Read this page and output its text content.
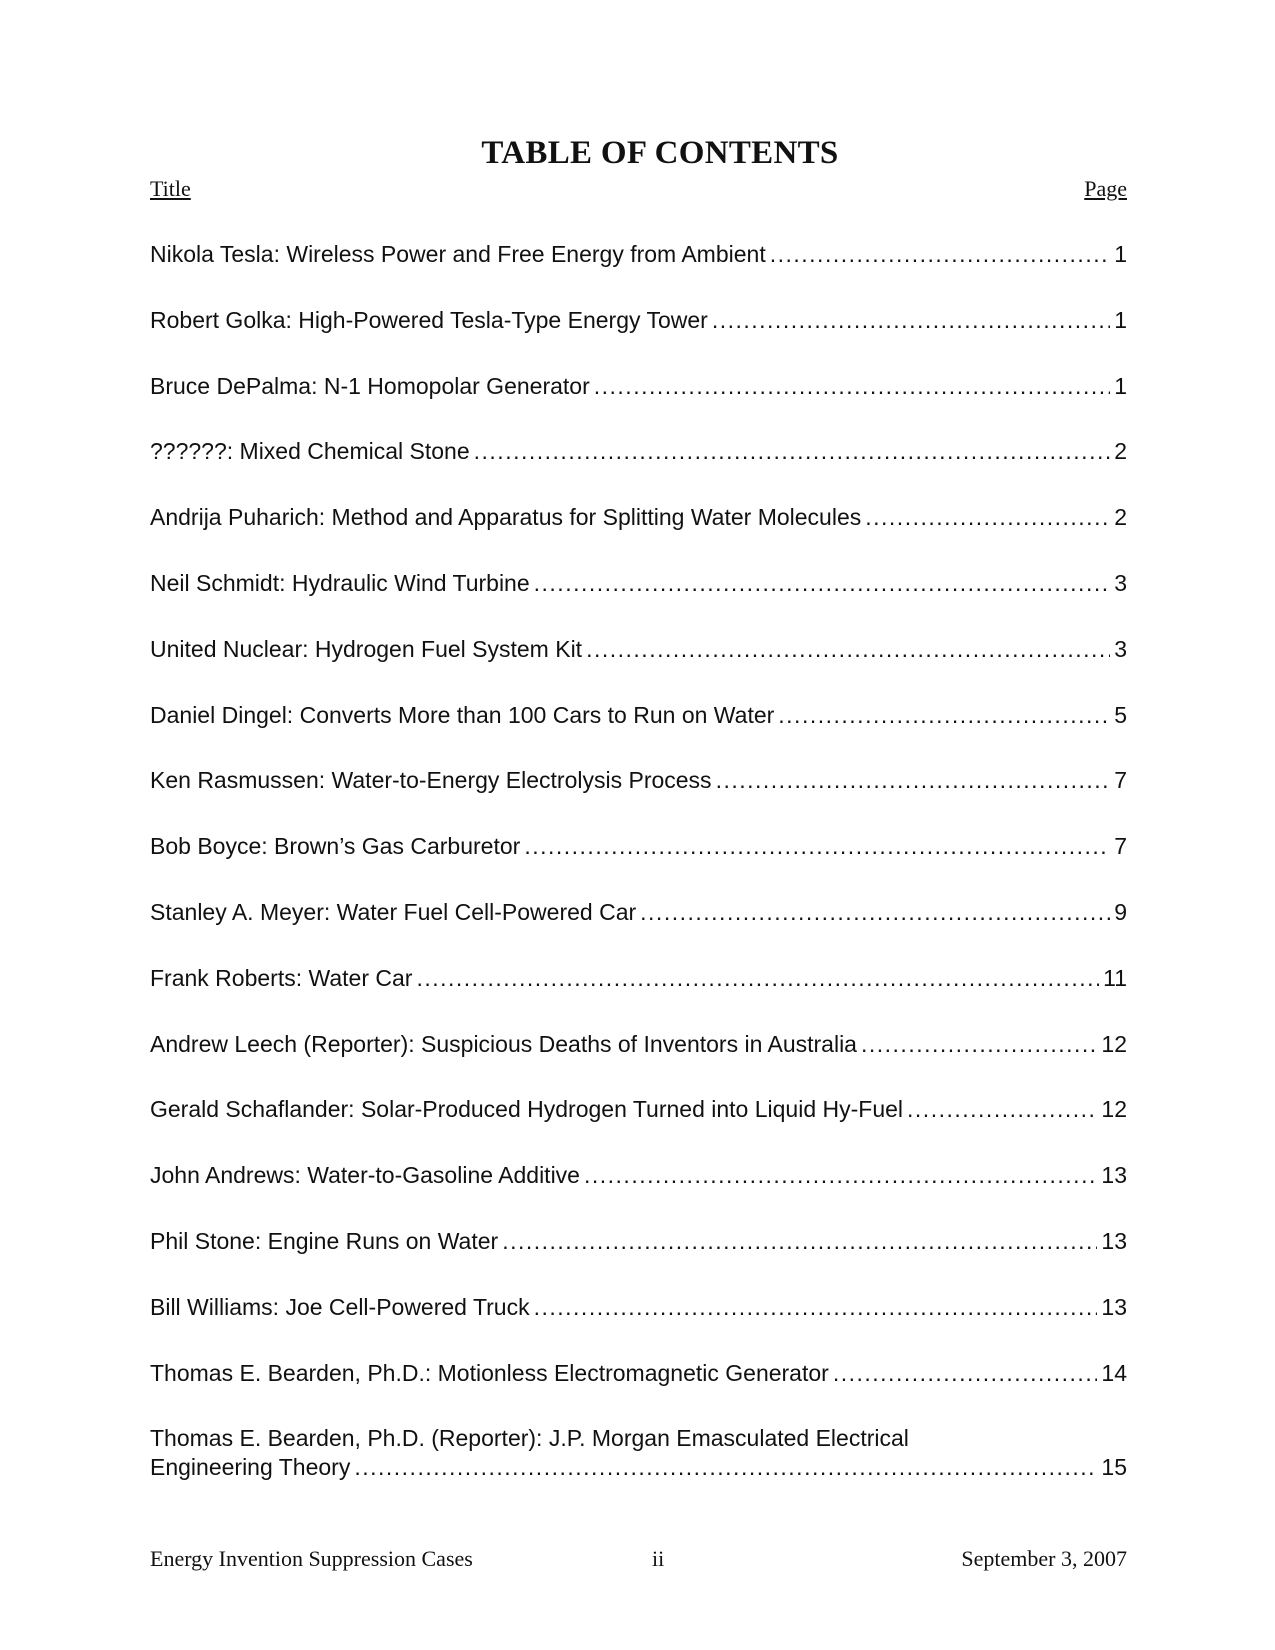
TABLE OF CONTENTS
Title	Page
Nikola Tesla: Wireless Power and Free Energy from Ambient .....	1
Robert Golka: High-Powered Tesla-Type Energy Tower .....	1
Bruce DePalma: N-1 Homopolar Generator .....	1
??????: Mixed Chemical Stone .....	2
Andrija Puharich: Method and Apparatus for Splitting Water Molecules .....	2
Neil Schmidt: Hydraulic Wind Turbine .....	3
United Nuclear: Hydrogen Fuel System Kit .....	3
Daniel Dingel: Converts More than 100 Cars to Run on Water .....	5
Ken Rasmussen: Water-to-Energy Electrolysis Process .....	7
Bob Boyce: Brown’s Gas Carburetor .....	7
Stanley A. Meyer: Water Fuel Cell-Powered Car .....	9
Frank Roberts: Water Car .....	11
Andrew Leech (Reporter): Suspicious Deaths of Inventors in Australia .....	12
Gerald Schaflander: Solar-Produced Hydrogen Turned into Liquid Hy-Fuel .....	12
John Andrews: Water-to-Gasoline Additive .....	13
Phil Stone: Engine Runs on Water .....	13
Bill Williams: Joe Cell-Powered Truck .....	13
Thomas E. Bearden, Ph.D.: Motionless Electromagnetic Generator .....	14
Thomas E. Bearden, Ph.D. (Reporter): J.P. Morgan Emasculated Electrical
Engineering Theory .....	15
Energy Invention Suppression Cases	ii	September 3, 2007
